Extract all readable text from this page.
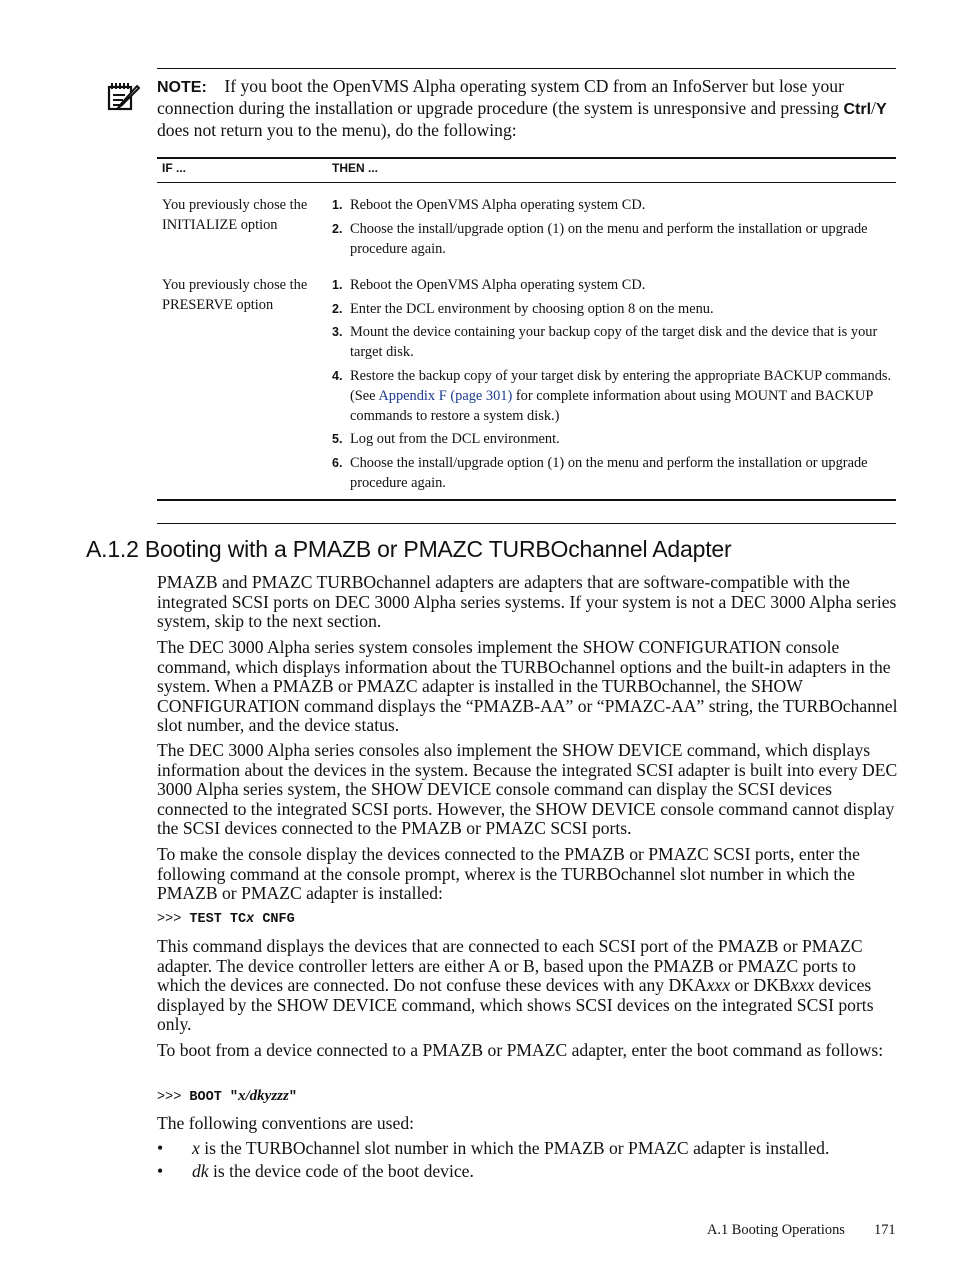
NOTE: If you boot the OpenVMS Alpha operating system CD from an InfoServer but lose your connection during the installation or upgrade procedure (the system is unresponsive and pressing Ctrl/Y does not return you to the menu), do the following:
IF ...	THEN ...
You previously chose the INITIALIZE option
1. Reboot the OpenVMS Alpha operating system CD.
2. Choose the install/upgrade option (1) on the menu and perform the installation or upgrade procedure again.
You previously chose the PRESERVE option
1. Reboot the OpenVMS Alpha operating system CD.
2. Enter the DCL environment by choosing option 8 on the menu.
3. Mount the device containing your backup copy of the target disk and the device that is your target disk.
4. Restore the backup copy of your target disk by entering the appropriate BACKUP commands. (See Appendix F (page 301) for complete information about using MOUNT and BACKUP commands to restore a system disk.)
5. Log out from the DCL environment.
6. Choose the install/upgrade option (1) on the menu and perform the installation or upgrade procedure again.
A.1.2 Booting with a PMAZB or PMAZC TURBOchannel Adapter

PMAZB and PMAZC TURBOchannel adapters are adapters that are software-compatible with the integrated SCSI ports on DEC 3000 Alpha series systems. If your system is not a DEC 3000 Alpha series system, skip to the next section.

The DEC 3000 Alpha series system consoles implement the SHOW CONFIGURATION console command, which displays information about the TURBOchannel options and the built-in adapters in the system. When a PMAZB or PMAZC adapter is installed in the TURBOchannel, the SHOW CONFIGURATION command displays the “PMAZB-AA” or “PMAZC-AA” string, the TURBOchannel slot number, and the device status.

The DEC 3000 Alpha series consoles also implement the SHOW DEVICE command, which displays information about the devices in the system. Because the integrated SCSI adapter is built into every DEC 3000 Alpha series system, the SHOW DEVICE console command can display the SCSI devices connected to the integrated SCSI ports. However, the SHOW DEVICE console command cannot display the SCSI devices connected to the PMAZB or PMAZC SCSI ports.

To make the console display the devices connected to the PMAZB or PMAZC SCSI ports, enter the following command at the console prompt, wherex is the TURBOchannel slot number in which the PMAZB or PMAZC adapter is installed:

>>> TEST TCx CNFG

This command displays the devices that are connected to each SCSI port of the PMAZB or PMAZC adapter. The device controller letters are either A or B, based upon the PMAZB or PMAZC ports to which the devices are connected. Do not confuse these devices with any DKAxxx or DKBxxx devices displayed by the SHOW DEVICE command, which shows SCSI devices on the integrated SCSI ports only.

To boot from a device connected to a PMAZB or PMAZC adapter, enter the boot command as follows:

>>> BOOT "x/dkyzzz"

The following conventions are used:

• x is the TURBOchannel slot number in which the PMAZB or PMAZC adapter is installed.
• dk is the device code of the boot device.
A.1 Booting Operations 171
